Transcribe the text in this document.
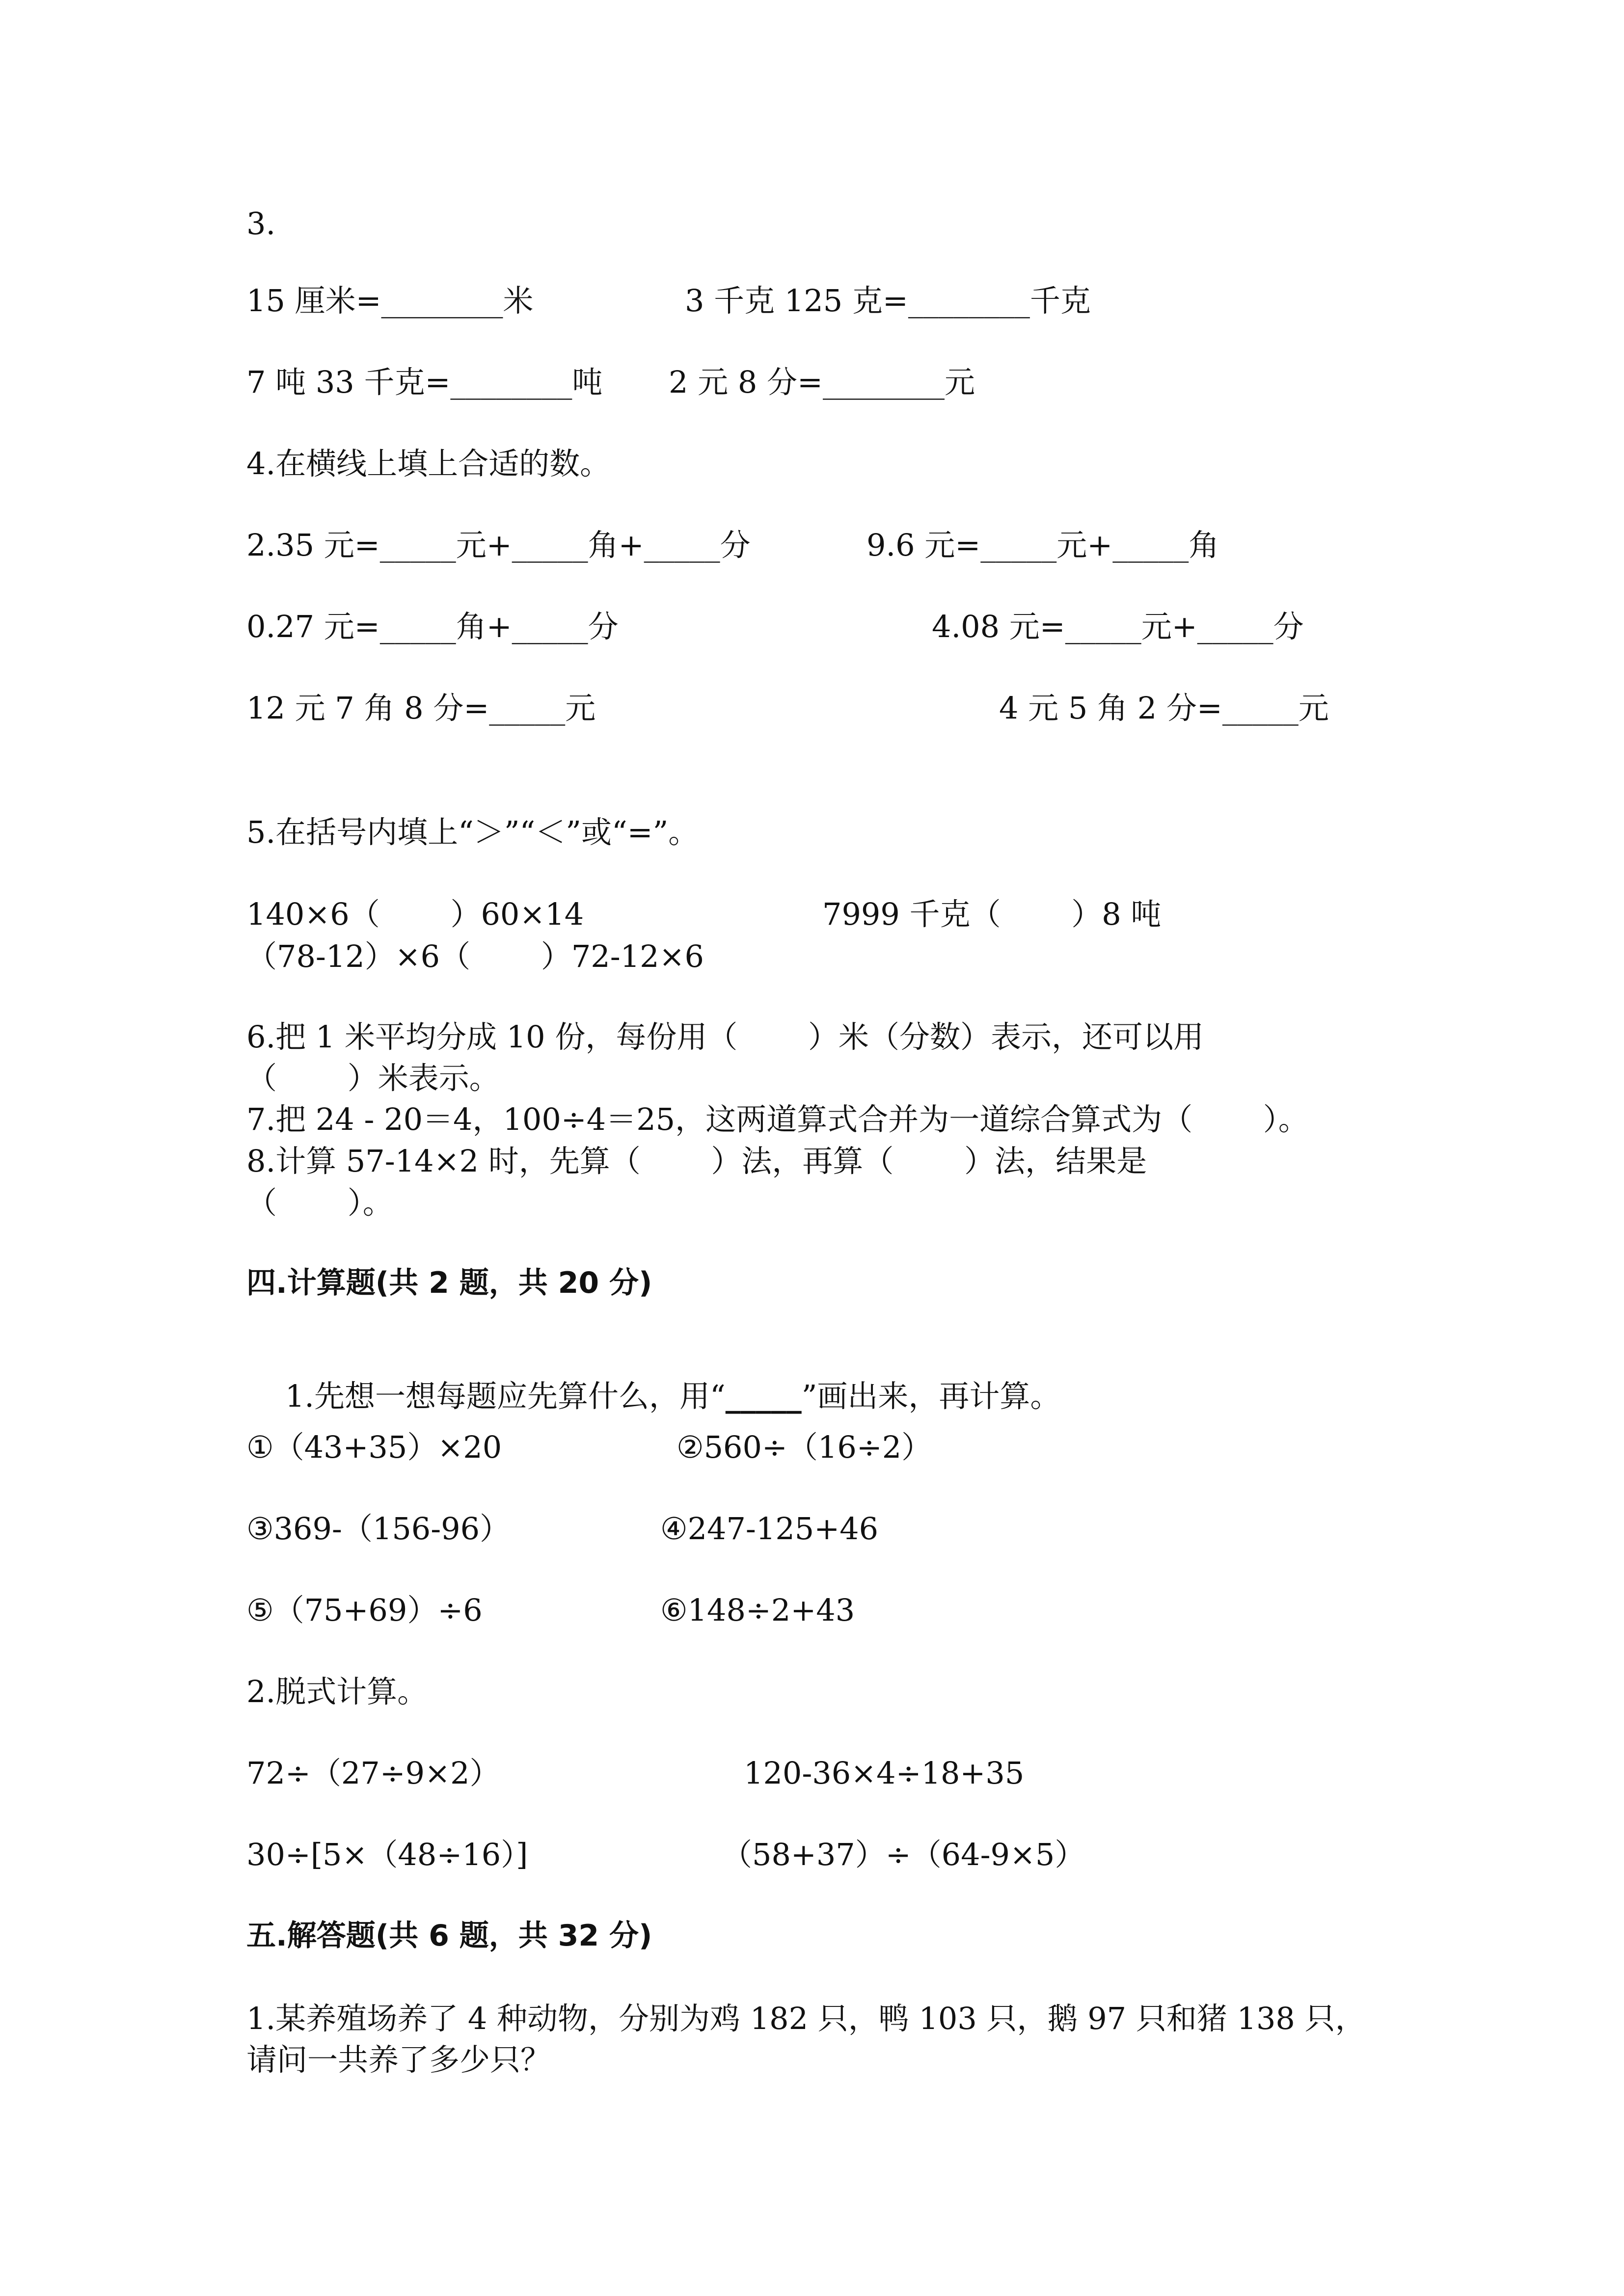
3.
15 厘米=________米	3 千克 125 克=________千克
7 吨 33 千克=________吨 2 元 8 分=________元
4.在横线上填上合适的数。
2.35 元=_____元+_____角+_____分	9.6 元=_____元+_____角
0.27 元=_____角+_____分	4.08 元=_____元+_____分
12 元 7 角 8 分=_____元	4 元 5 角 2 分=_____元
5.在括号内填上“＞”“＜”或“=”。
140×6（　　 ）60×14	7999 千克（　　 ）8 吨
（78-12）×6（　　 ）72-12×6
6.把 1 米平均分成 10 份，每份用（　　 ）米（分数）表示，还可以用
（　　 ）米表示。
7.把 24 - 20＝4，100÷4＝25，这两道算式合并为一道综合算式为（　　 ）。
8.计算 57-14×2 时，先算（　　 ）法，再算（　　 ）法，结果是
（　　 ）。
四.计算题(共 2 题，共 20 分)

1.先想一想每题应先算什么，用“_____”画出来，再计算。

①（43+35）×20	②560÷（16÷2）
③369-（156-96）	④247-125+46
⑤（75+69）÷6	⑥148÷2+43
2.脱式计算。
72÷（27÷9×2）	120-36×4÷18+35
30÷[5×（48÷16）]	（58+37）÷（64-9×5）
五.解答题(共 6 题，共 32 分)
1.某养殖场养了 4 种动物，分别为鸡 182 只，鸭 103 只，鹅 97 只和猪 138 只，
请问一共养了多少只？
